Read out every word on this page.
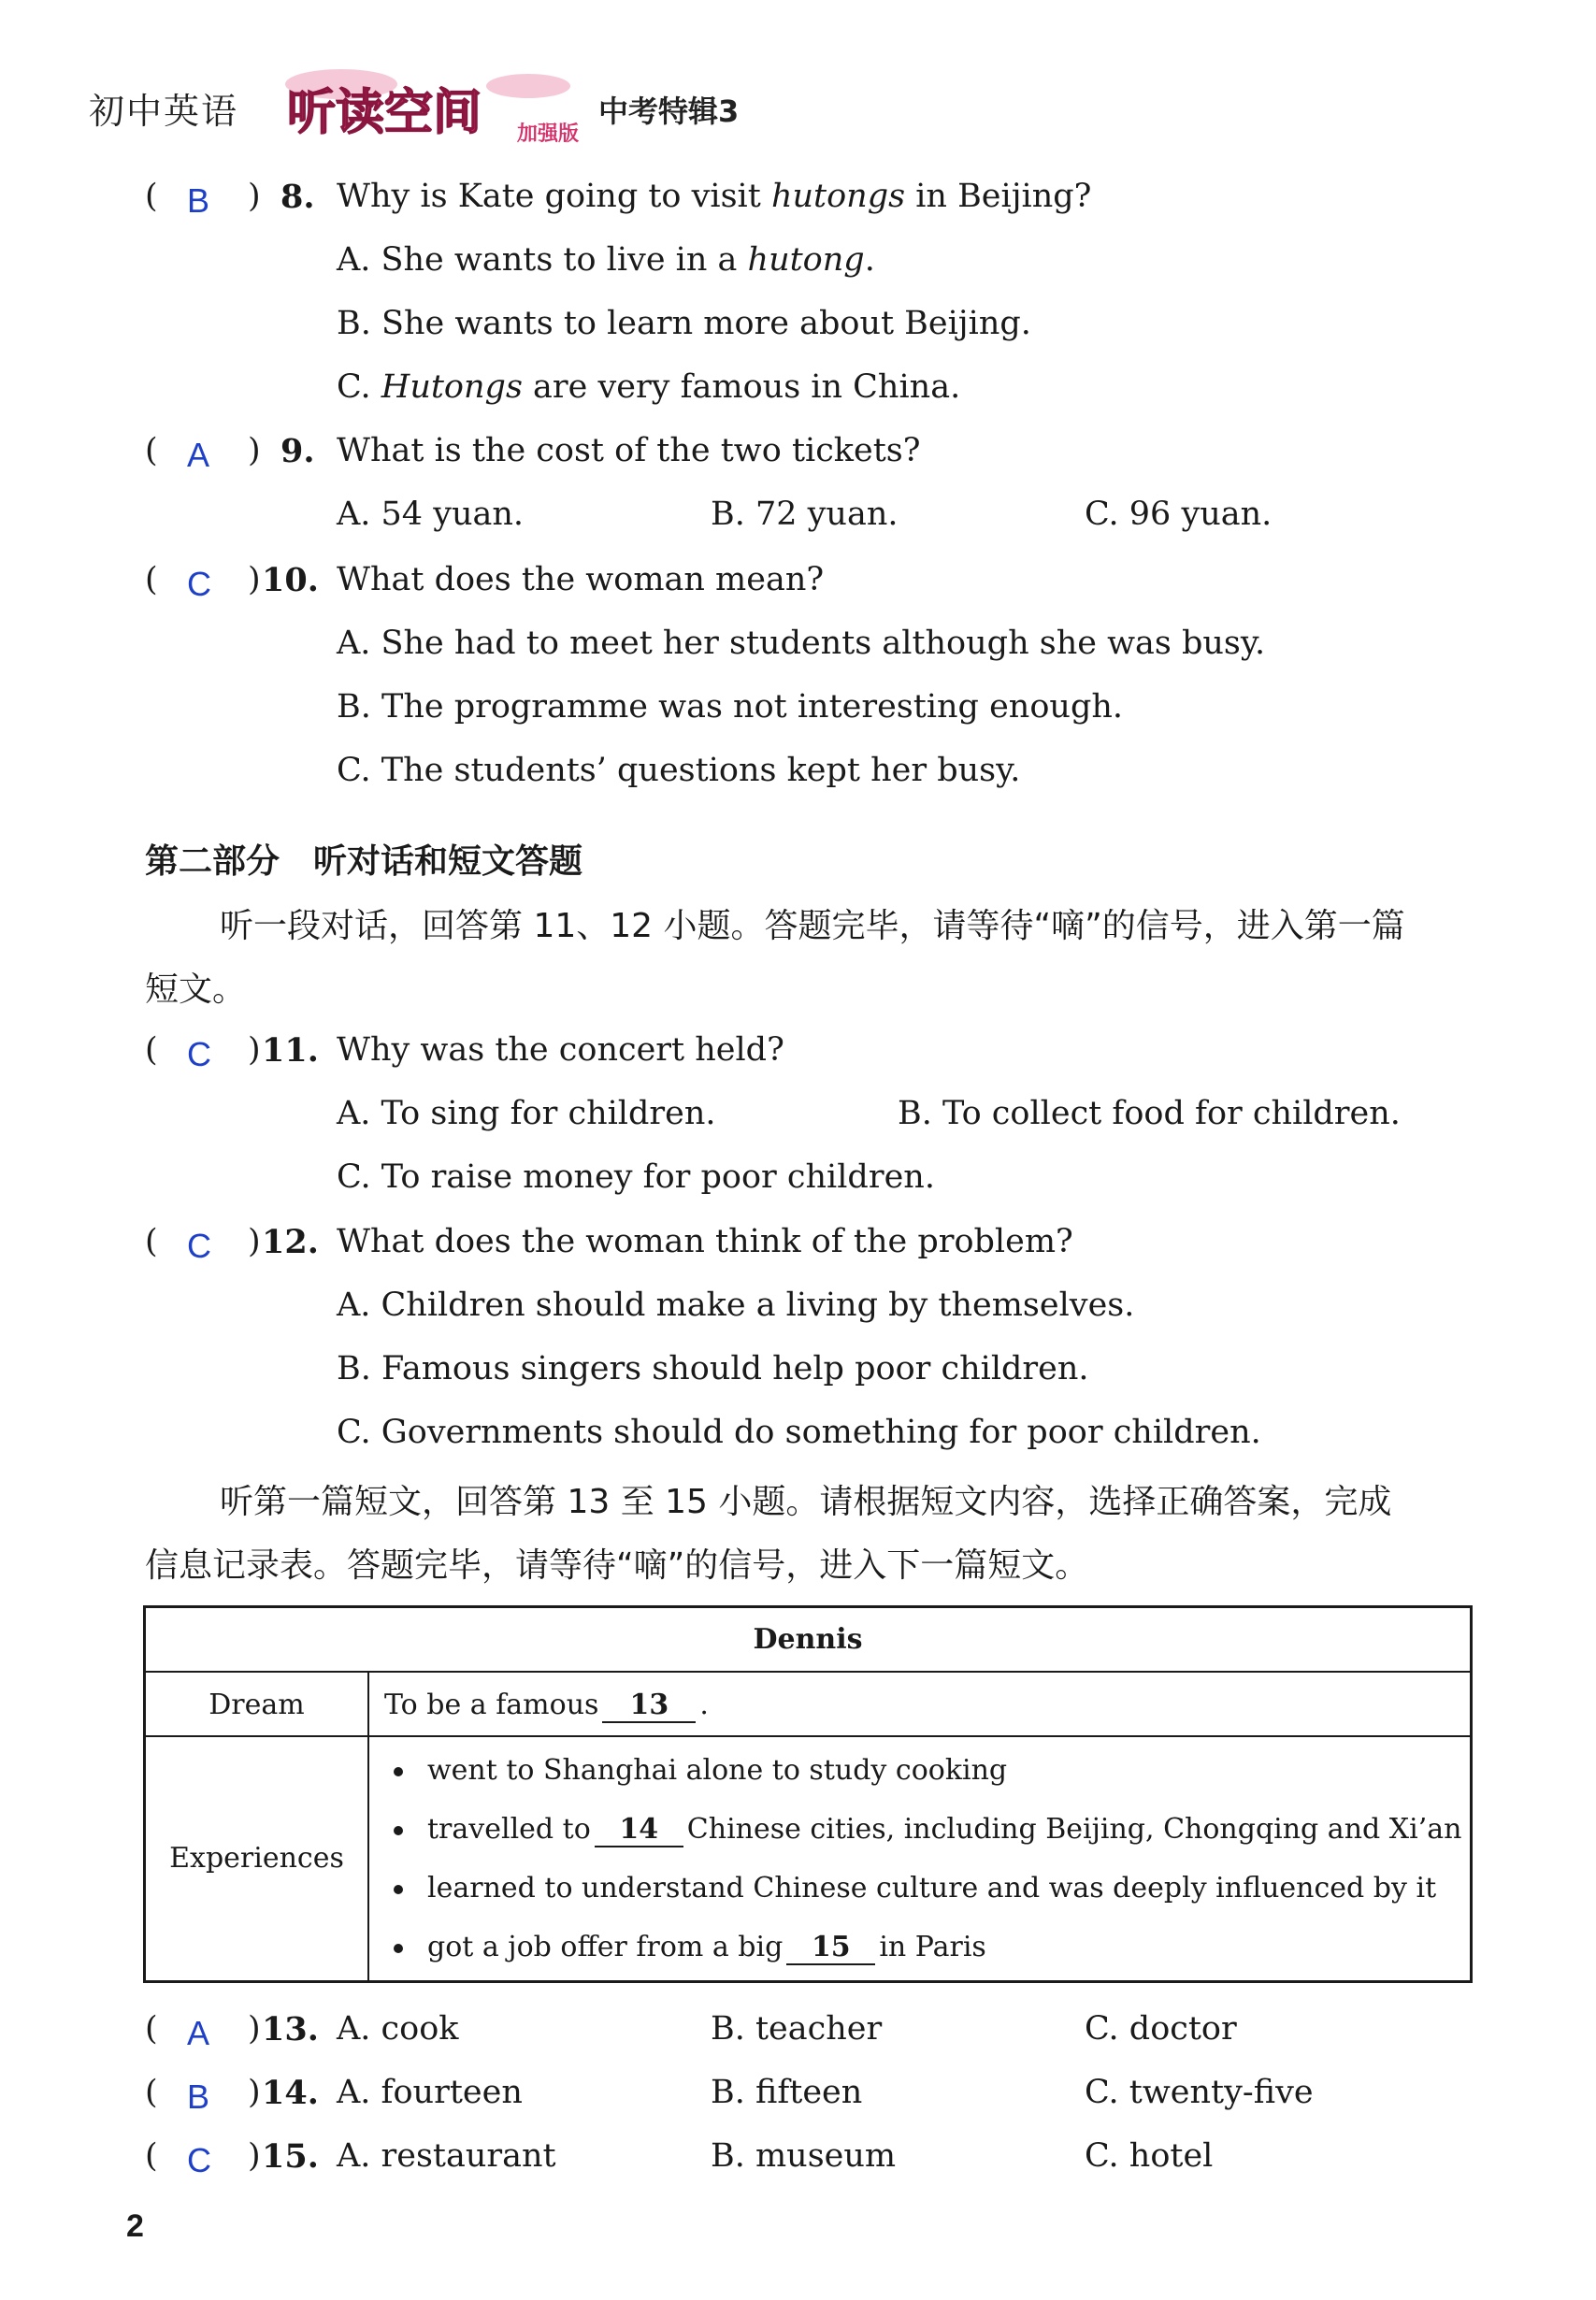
初中英语 听读空间 加强版
中考特辑3
( B ) 8. Why is Kate going to visit hutongs in Beijing?
A. She wants to live in a hutong.
B. She wants to learn more about Beijing.
C. Hutongs are very famous in China.
( A ) 9. What is the cost of the two tickets?
A. 54 yuan.	B. 72 yuan.	C. 96 yuan.
( C ) 10. What does the woman mean?
A. She had to meet her students although she was busy.
B. The programme was not interesting enough.
C. The students’ questions kept her busy.
第二部分　听对话和短文答题
听一段对话，回答第 11、12 小题。答题完毕，请等待“嘀”的信号，进入第一篇
短文。
( C ) 11. Why was the concert held?
A. To sing for children.	B. To collect food for children.
C. To raise money for poor children.
( C ) 12. What does the woman think of the problem?
A. Children should make a living by themselves.
B. Famous singers should help poor children.
C. Governments should do something for poor children.
听第一篇短文，回答第 13 至 15 小题。请根据短文内容，选择正确答案，完成
信息记录表。答题完毕，请等待“嘀”的信号，进入下一篇短文。
Dennis
Dream	To be a famous 13 .
Experiences
went to Shanghai alone to study cooking
travelled to 14 Chinese cities, including Beijing, Chongqing and Xi’an
learned to understand Chinese culture and was deeply influenced by it
got a job offer from a big 15 in Paris
( A ) 13. A. cook	B. teacher	C. doctor
( B ) 14. A. fourteen	B. fifteen	C. twenty-five
( C ) 15. A. restaurant	B. museum	C. hotel
2
